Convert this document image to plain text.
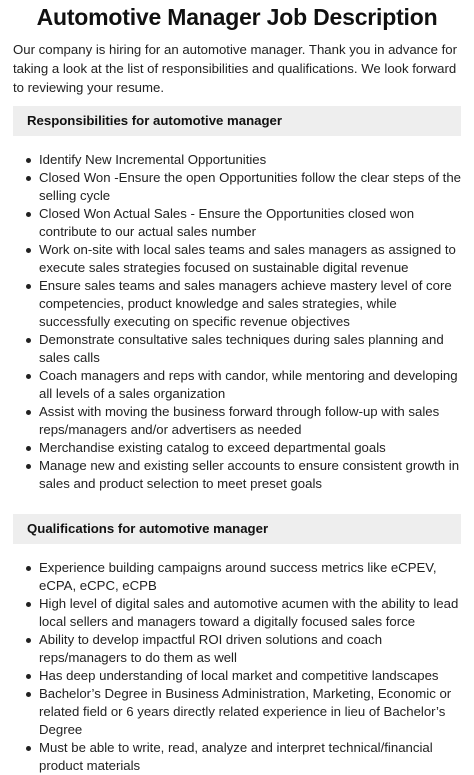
Automotive Manager Job Description

Our company is hiring for an automotive manager. Thank you in advance for taking a look at the list of responsibilities and qualifications. We look forward to reviewing your resume.

Responsibilities for automotive manager
Identify New Incremental Opportunities
Closed Won -Ensure the open Opportunities follow the clear steps of the selling cycle
Closed Won Actual Sales - Ensure the Opportunities closed won contribute to our actual sales number
Work on-site with local sales teams and sales managers as assigned to execute sales strategies focused on sustainable digital revenue
Ensure sales teams and sales managers achieve mastery level of core competencies, product knowledge and sales strategies, while successfully executing on specific revenue objectives
Demonstrate consultative sales techniques during sales planning and sales calls
Coach managers and reps with candor, while mentoring and developing all levels of a sales organization
Assist with moving the business forward through follow-up with sales reps/managers and/or advertisers as needed
Merchandise existing catalog to exceed departmental goals
Manage new and existing seller accounts to ensure consistent growth in sales and product selection to meet preset goals
Qualifications for automotive manager
Experience building campaigns around success metrics like eCPEV, eCPA, eCPC, eCPB
High level of digital sales and automotive acumen with the ability to lead local sellers and managers toward a digitally focused sales force
Ability to develop impactful ROI driven solutions and coach reps/managers to do them as well
Has deep understanding of local market and competitive landscapes
Bachelor’s Degree in Business Administration, Marketing, Economic or related field or 6 years directly related experience in lieu of Bachelor’s Degree
Must be able to write, read, analyze and interpret technical/financial product materials
